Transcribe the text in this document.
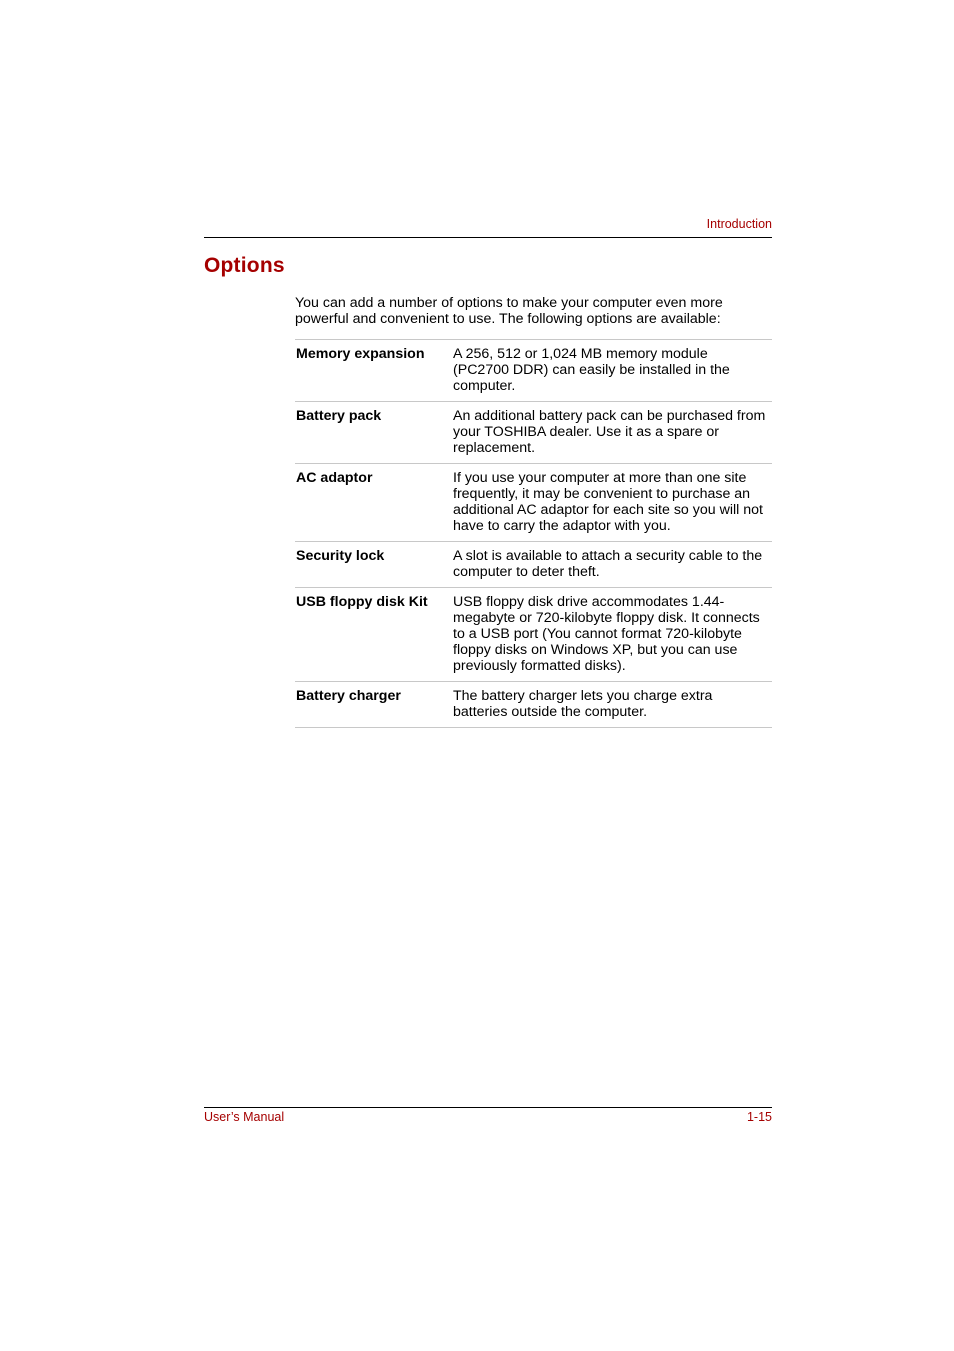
Introduction
Options

You can add a number of options to make your computer even more powerful and convenient to use. The following options are available:

Memory expansion	A 256, 512 or 1,024 MB memory module (PC2700 DDR) can easily be installed in the computer.
Battery pack	An additional battery pack can be purchased from your TOSHIBA dealer. Use it as a spare or replacement.
AC adaptor	If you use your computer at more than one site frequently, it may be convenient to purchase an additional AC adaptor for each site so you will not have to carry the adaptor with you.
Security lock	A slot is available to attach a security cable to the computer to deter theft.
USB floppy disk Kit	USB floppy disk drive accommodates 1.44-megabyte or 720-kilobyte floppy disk. It connects to a USB port (You cannot format 720-kilobyte floppy disks on Windows XP, but you can use previously formatted disks).
Battery charger	The battery charger lets you charge extra batteries outside the computer.
User’s Manual	1-15
